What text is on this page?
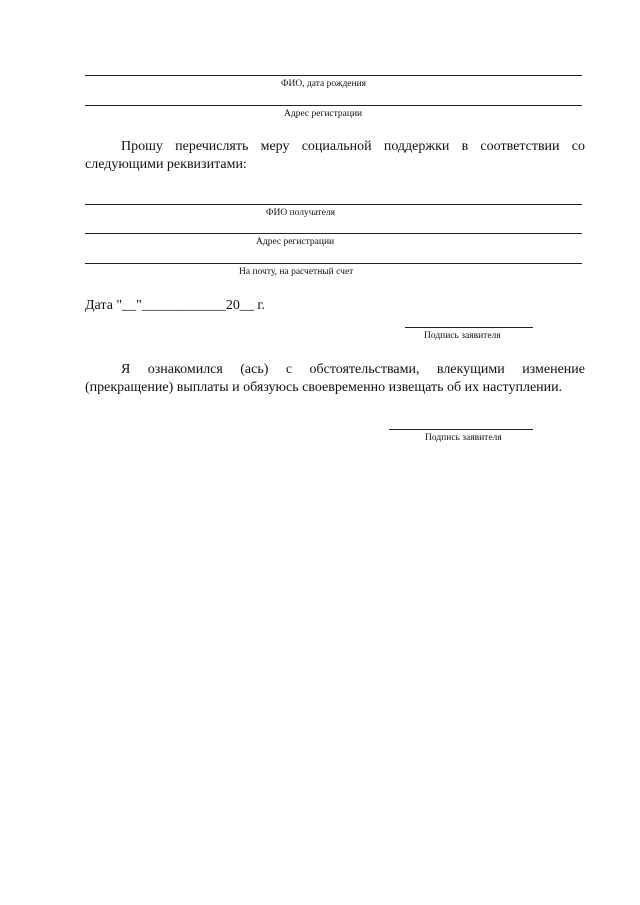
ФИО, дата рождения
Адрес регистрации
Прошу перечислять меру социальной поддержки в соответствии со следующими реквизитами:
ФИО получателя
Адрес регистрации
На почту, на расчетный счет
Дата "__"____________20__ г.
Подпись заявителя
Я ознакомился (ась) с обстоятельствами, влекущими изменение (прекращение) выплаты и обязуюсь своевременно извещать об их наступлении.
Подпись заявителя
